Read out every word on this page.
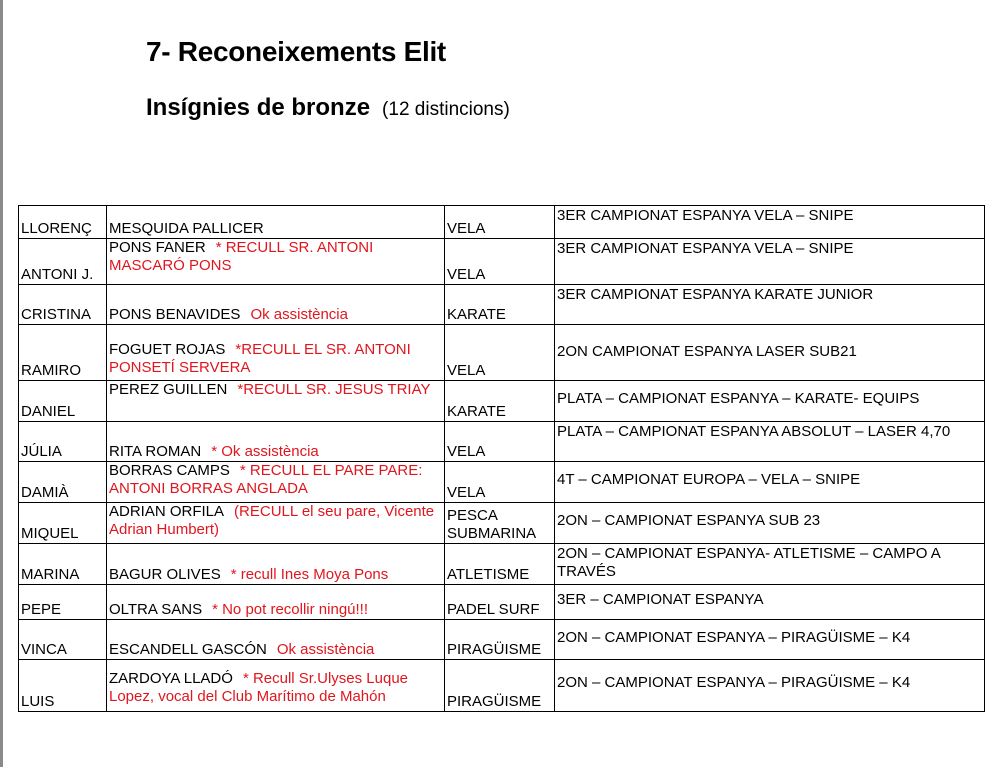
7- Reconeixements Elit
Insígnies de bronze (12 distincions)
LLORENÇ	MESQUIDA PALLICER	VELA	3ER CAMPIONAT ESPANYA VELA – SNIPE
ANTONI J.	PONS FANER * RECULL SR. ANTONI MASCARÓ PONS	VELA	3ER CAMPIONAT ESPANYA VELA – SNIPE
CRISTINA	PONS BENAVIDES Ok assistència	KARATE	3ER CAMPIONAT ESPANYA KARATE JUNIOR
RAMIRO	FOGUET ROJAS *RECULL EL SR. ANTONI PONSETÍ SERVERA	VELA	2ON CAMPIONAT ESPANYA LASER SUB21
DANIEL	PEREZ GUILLEN *RECULL SR. JESUS TRIAY	KARATE	PLATA – CAMPIONAT ESPANYA – KARATE- EQUIPS
JÚLIA	RITA ROMAN * Ok assistència	VELA	PLATA – CAMPIONAT ESPANYA ABSOLUT – LASER 4,70
DAMIÀ	BORRAS CAMPS * RECULL EL PARE PARE: ANTONI BORRAS ANGLADA	VELA	4T – CAMPIONAT EUROPA – VELA – SNIPE
MIQUEL	ADRIAN ORFILA (RECULL el seu pare, Vicente Adrian Humbert)	PESCA SUBMARINA	2ON – CAMPIONAT ESPANYA SUB 23
MARINA	BAGUR OLIVES * recull Ines Moya Pons	ATLETISME	2ON – CAMPIONAT ESPANYA- ATLETISME – CAMPO A TRAVÉS
PEPE	OLTRA SANS * No pot recollir ningú!!!	PADEL SURF	3ER – CAMPIONAT ESPANYA
VINCA	ESCANDELL GASCÓN Ok assistència	PIRAGÜISME	2ON – CAMPIONAT ESPANYA – PIRAGÜISME – K4
LUIS	ZARDOYA LLADÓ * Recull Sr.Ulyses Luque Lopez, vocal del Club Marítimo de Mahón	PIRAGÜISME	2ON – CAMPIONAT ESPANYA – PIRAGÜISME – K4
